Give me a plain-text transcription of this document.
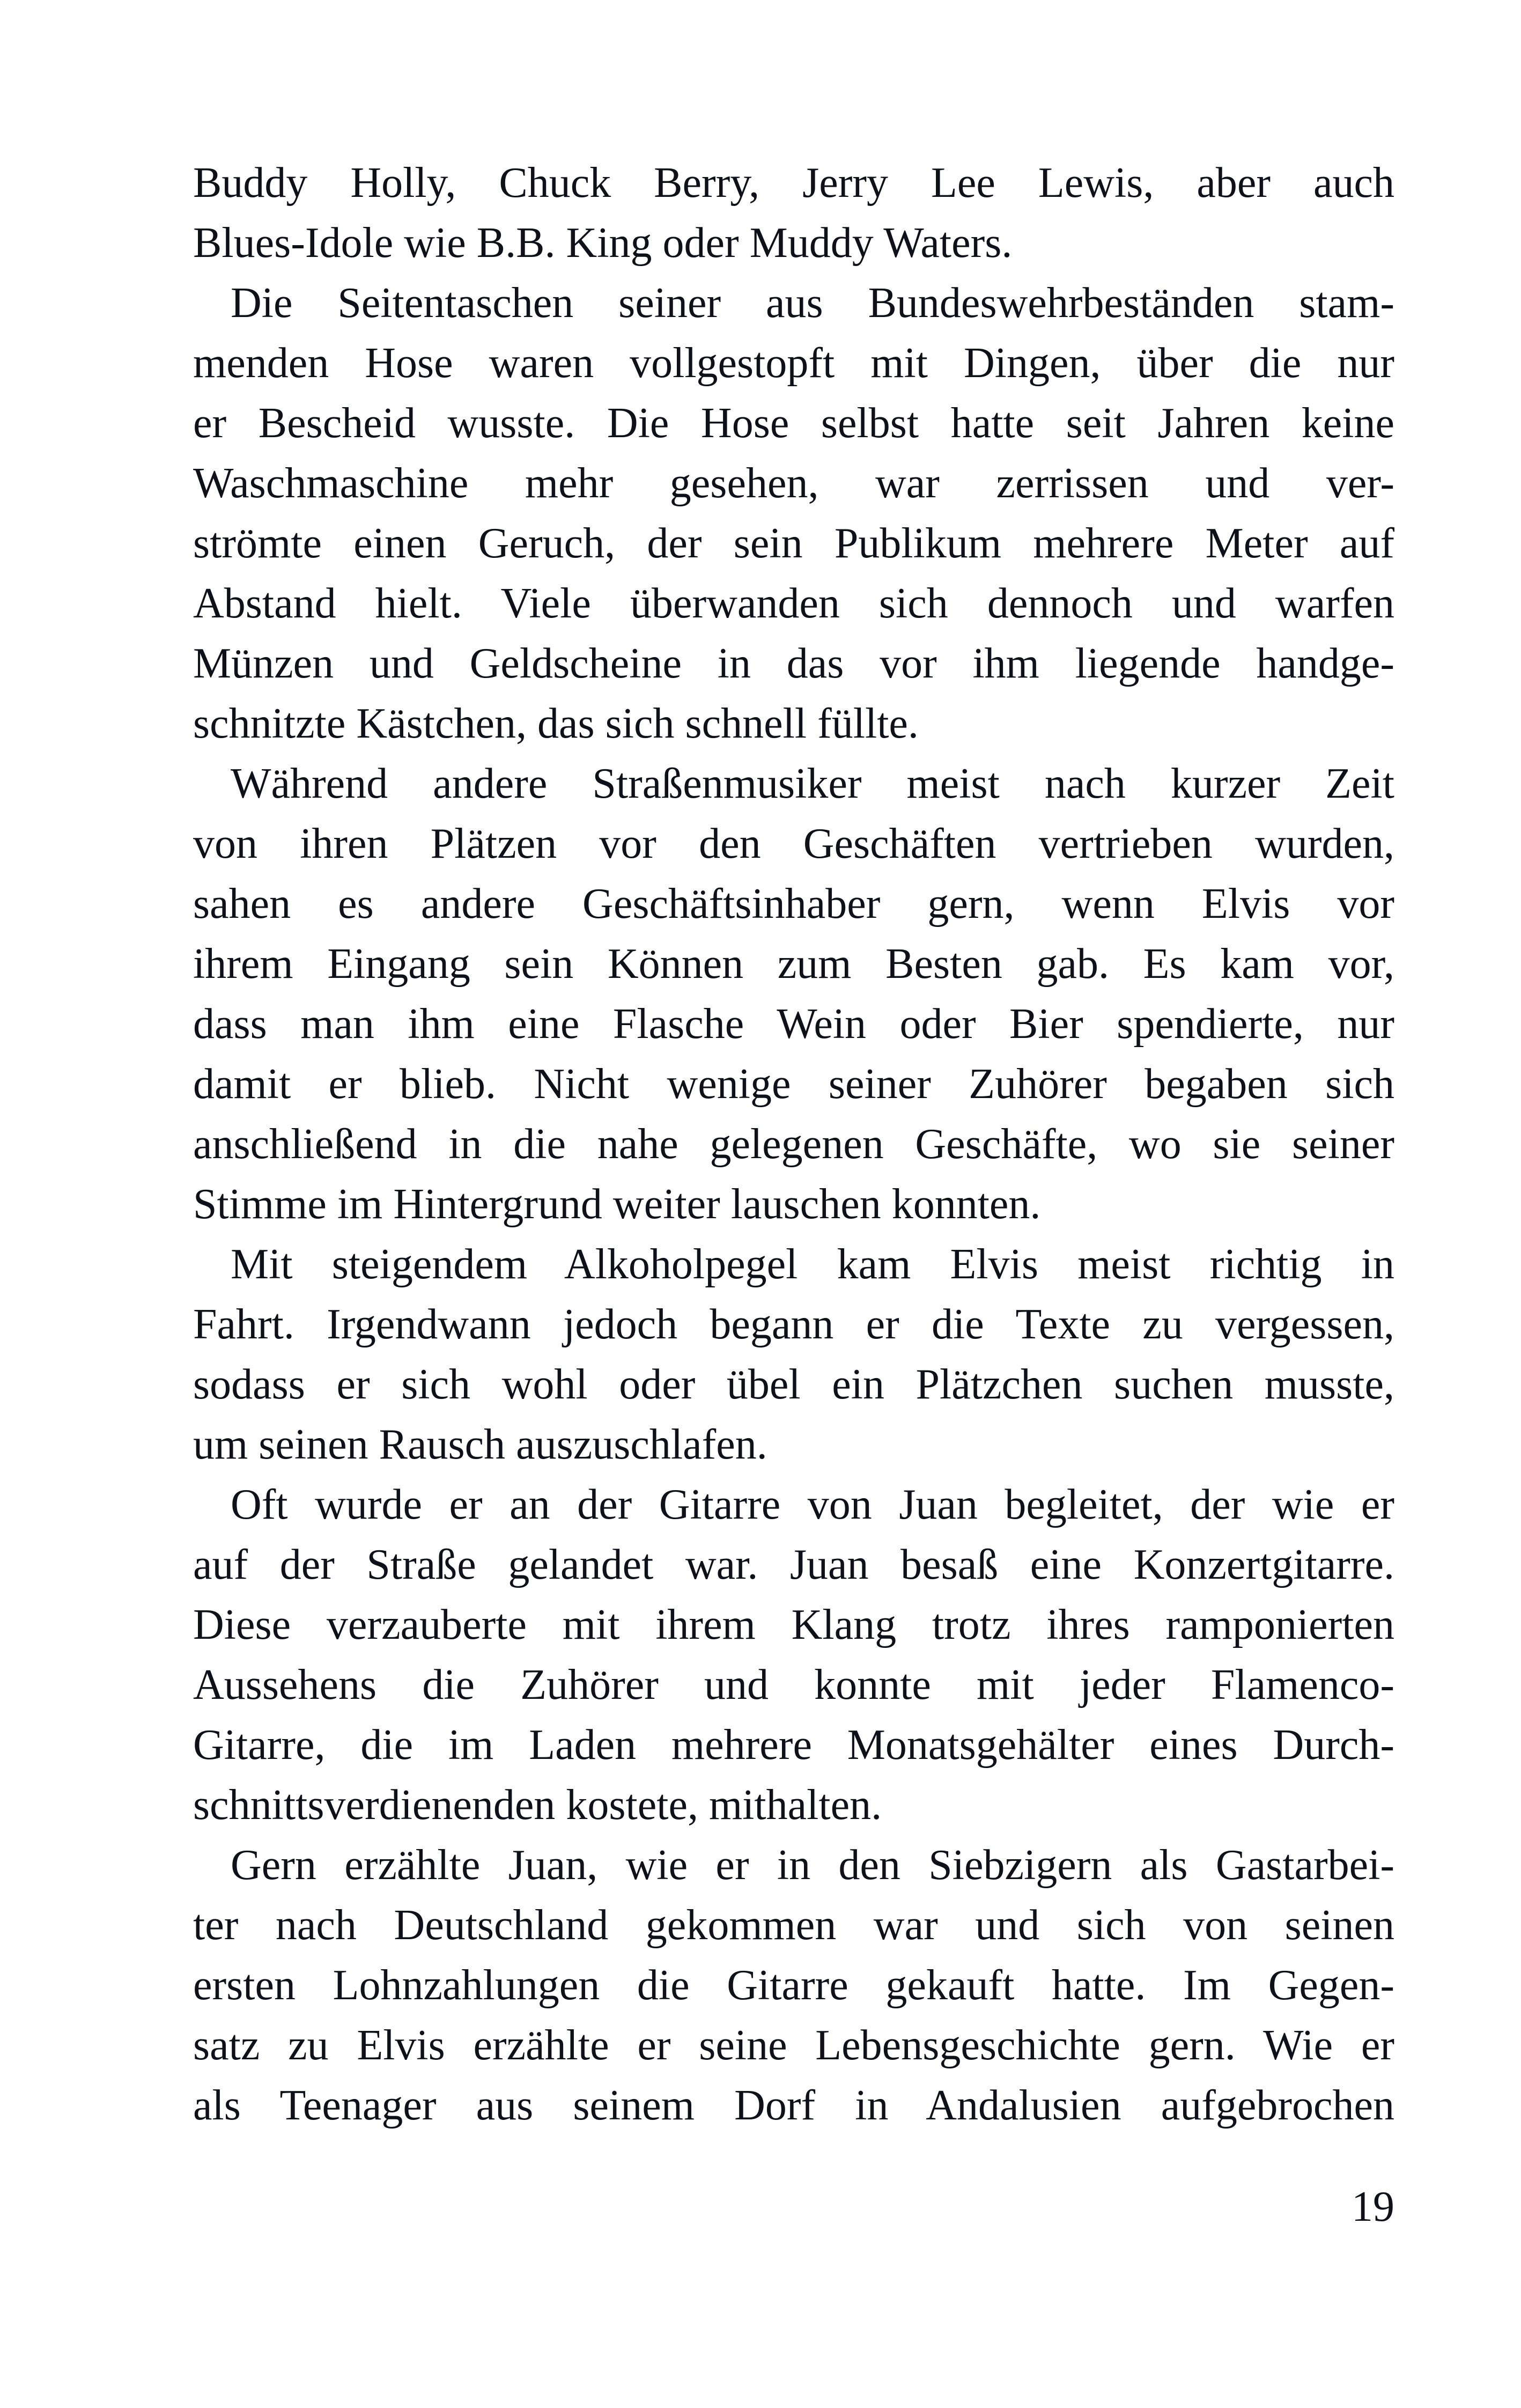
Buddy Holly, Chuck Berry, Jerry Lee Lewis, aber auch
Blues-Idole wie B.B. King oder Muddy Waters.
Die Seitentaschen seiner aus Bundeswehrbeständen stam-
menden Hose waren vollgestopft mit Dingen, über die nur
er Bescheid wusste. Die Hose selbst hatte seit Jahren keine
Waschmaschine mehr gesehen, war zerrissen und ver-
strömte einen Geruch, der sein Publikum mehrere Meter auf
Abstand hielt. Viele überwanden sich dennoch und warfen
Münzen und Geldscheine in das vor ihm liegende handge-
schnitzte Kästchen, das sich schnell füllte.
Während andere Straßenmusiker meist nach kurzer Zeit
von ihren Plätzen vor den Geschäften vertrieben wurden,
sahen es andere Geschäftsinhaber gern, wenn Elvis vor
ihrem Eingang sein Können zum Besten gab. Es kam vor,
dass man ihm eine Flasche Wein oder Bier spendierte, nur
damit er blieb. Nicht wenige seiner Zuhörer begaben sich
anschließend in die nahe gelegenen Geschäfte, wo sie seiner
Stimme im Hintergrund weiter lauschen konnten.
Mit steigendem Alkoholpegel kam Elvis meist richtig in
Fahrt. Irgendwann jedoch begann er die Texte zu vergessen,
sodass er sich wohl oder übel ein Plätzchen suchen musste,
um seinen Rausch auszuschlafen.
Oft wurde er an der Gitarre von Juan begleitet, der wie er
auf der Straße gelandet war. Juan besaß eine Konzertgitarre.
Diese verzauberte mit ihrem Klang trotz ihres ramponierten
Aussehens die Zuhörer und konnte mit jeder Flamenco-
Gitarre, die im Laden mehrere Monatsgehälter eines Durch-
schnittsverdienenden kostete, mithalten.
Gern erzählte Juan, wie er in den Siebzigern als Gastarbei-
ter nach Deutschland gekommen war und sich von seinen
ersten Lohnzahlungen die Gitarre gekauft hatte. Im Gegen-
satz zu Elvis erzählte er seine Lebensgeschichte gern. Wie er
als Teenager aus seinem Dorf in Andalusien aufgebrochen
19
